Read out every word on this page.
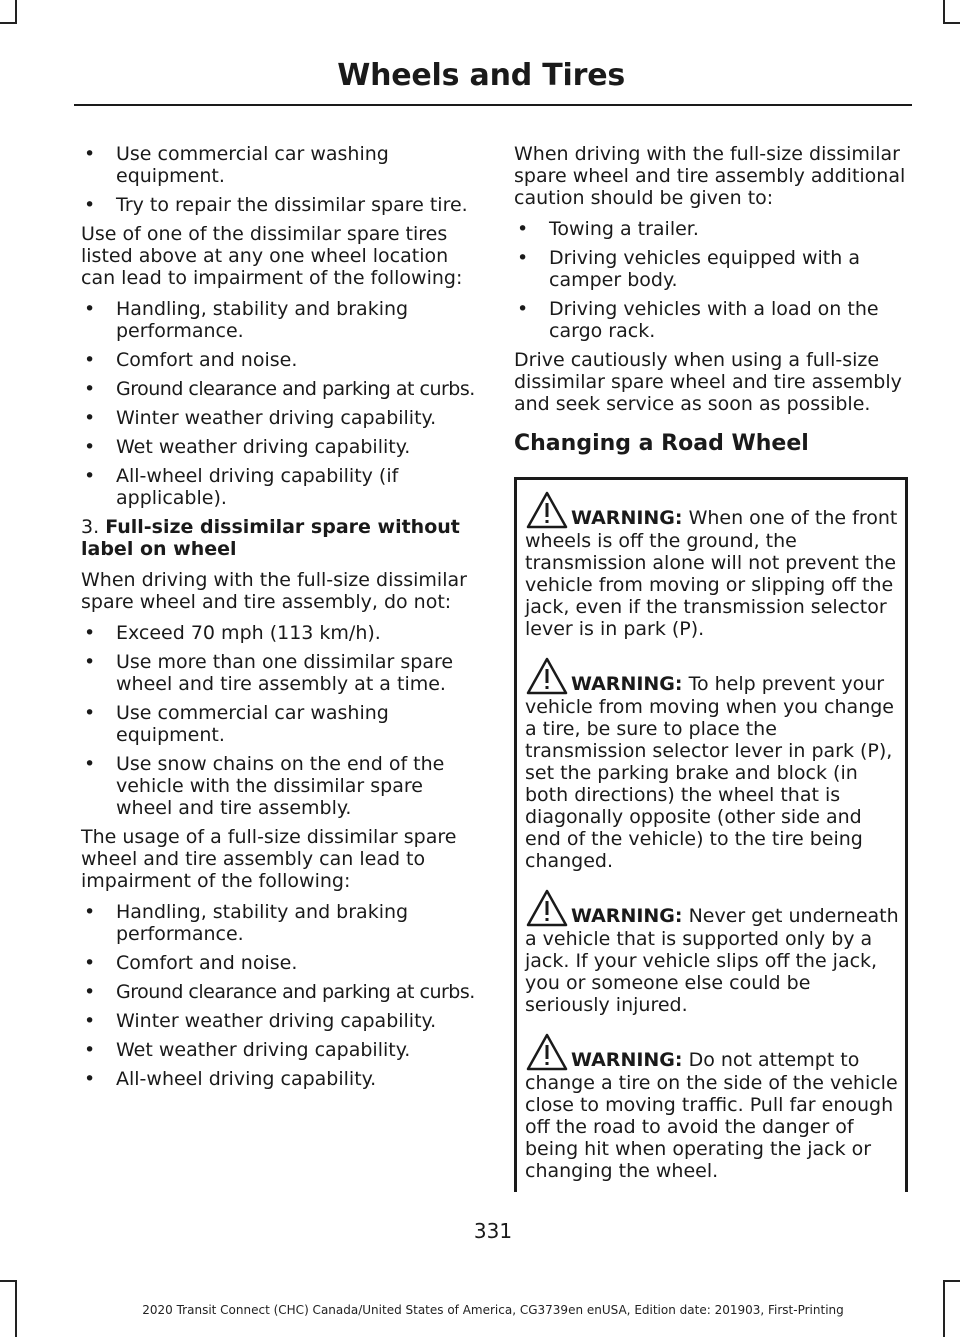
Wheels and Tires
• Use commercial car washing equipment.
• Try to repair the dissimilar spare tire.

Use of one of the dissimilar spare tires listed above at any one wheel location can lead to impairment of the following:

• Handling, stability and braking performance.
• Comfort and noise.
• Ground clearance and parking at curbs.
• Winter weather driving capability.
• Wet weather driving capability.
• All-wheel driving capability (if applicable).

3. Full-size dissimilar spare without label on wheel

When driving with the full-size dissimilar spare wheel and tire assembly, do not:

• Exceed 70 mph (113 km/h).
• Use more than one dissimilar spare wheel and tire assembly at a time.
• Use commercial car washing equipment.
• Use snow chains on the end of the vehicle with the dissimilar spare wheel and tire assembly.

The usage of a full-size dissimilar spare wheel and tire assembly can lead to impairment of the following:

• Handling, stability and braking performance.
• Comfort and noise.
• Ground clearance and parking at curbs.
• Winter weather driving capability.
• Wet weather driving capability.
• All-wheel driving capability.

When driving with the full-size dissimilar spare wheel and tire assembly additional caution should be given to:

• Towing a trailer.
• Driving vehicles equipped with a camper body.
• Driving vehicles with a load on the cargo rack.

Drive cautiously when using a full-size dissimilar spare wheel and tire assembly and seek service as soon as possible.

Changing a Road Wheel
WARNING: When one of the front wheels is off the ground, the transmission alone will not prevent the vehicle from moving or slipping off the jack, even if the transmission selector lever is in park (P).
WARNING: To help prevent your vehicle from moving when you change a tire, be sure to place the transmission selector lever in park (P), set the parking brake and block (in both directions) the wheel that is diagonally opposite (other side and end of the vehicle) to the tire being changed.
WARNING: Never get underneath a vehicle that is supported only by a jack. If your vehicle slips off the jack, you or someone else could be seriously injured.
WARNING: Do not attempt to change a tire on the side of the vehicle close to moving traffic. Pull far enough off the road to avoid the danger of being hit when operating the jack or changing the wheel.
331
2020 Transit Connect (CHC) Canada/United States of America, CG3739en enUSA, Edition date: 201903, First-Printing
